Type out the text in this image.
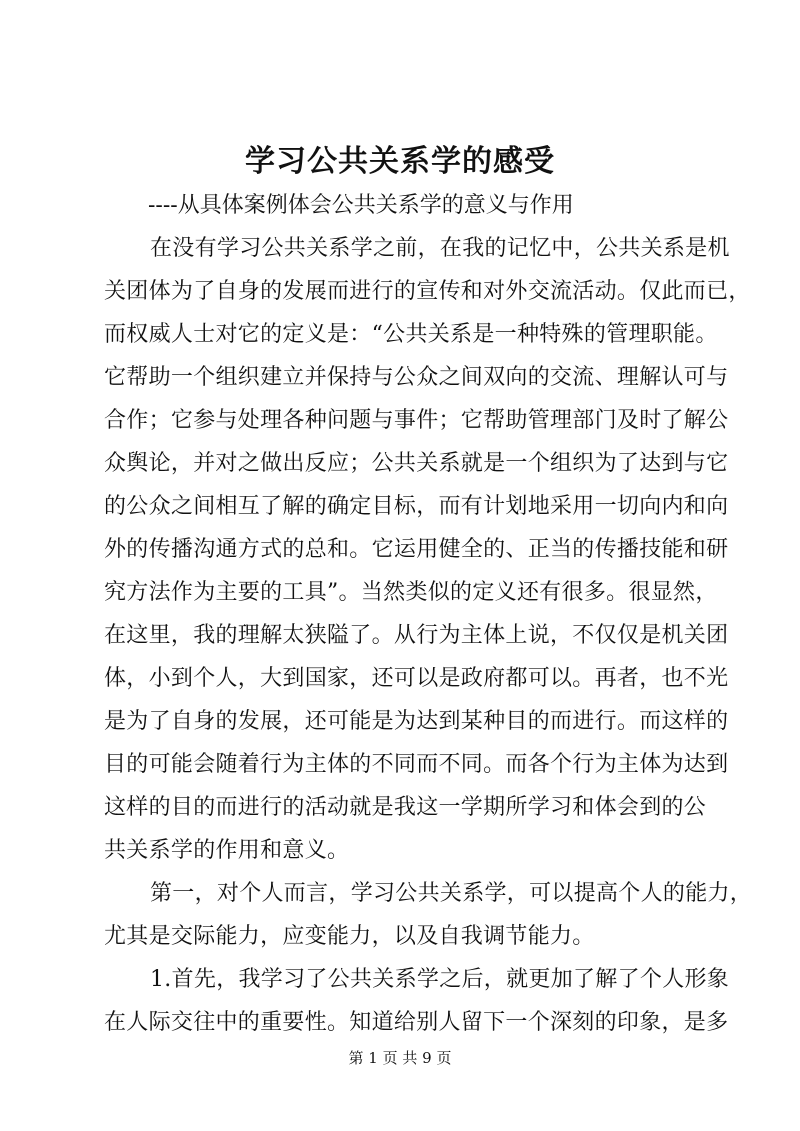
学习公共关系学的感受
----从具体案例体会公共关系学的意义与作用
在没有学习公共关系学之前，在我的记忆中，公共关系是机
关团体为了自身的发展而进行的宣传和对外交流活动。仅此而已，
而权威人士对它的定义是：“公共关系是一种特殊的管理职能。
它帮助一个组织建立并保持与公众之间双向的交流、理解认可与
合作；它参与处理各种问题与事件；它帮助管理部门及时了解公
众舆论，并对之做出反应；公共关系就是一个组织为了达到与它
的公众之间相互了解的确定目标，而有计划地采用一切向内和向
外的传播沟通方式的总和。它运用健全的、正当的传播技能和研
究方法作为主要的工具”。当然类似的定义还有很多。很显然，
在这里，我的理解太狭隘了。从行为主体上说，不仅仅是机关团
体，小到个人，大到国家，还可以是政府都可以。再者，也不光
是为了自身的发展，还可能是为达到某种目的而进行。而这样的
目的可能会随着行为主体的不同而不同。而各个行为主体为达到
这样的目的而进行的活动就是我这一学期所学习和体会到的公
共关系学的作用和意义。
第一，对个人而言，学习公共关系学，可以提高个人的能力，
尤其是交际能力，应变能力，以及自我调节能力。
1.首先，我学习了公共关系学之后，就更加了解了个人形象
在人际交往中的重要性。知道给别人留下一个深刻的印象，是多
第 1 页 共 9 页
